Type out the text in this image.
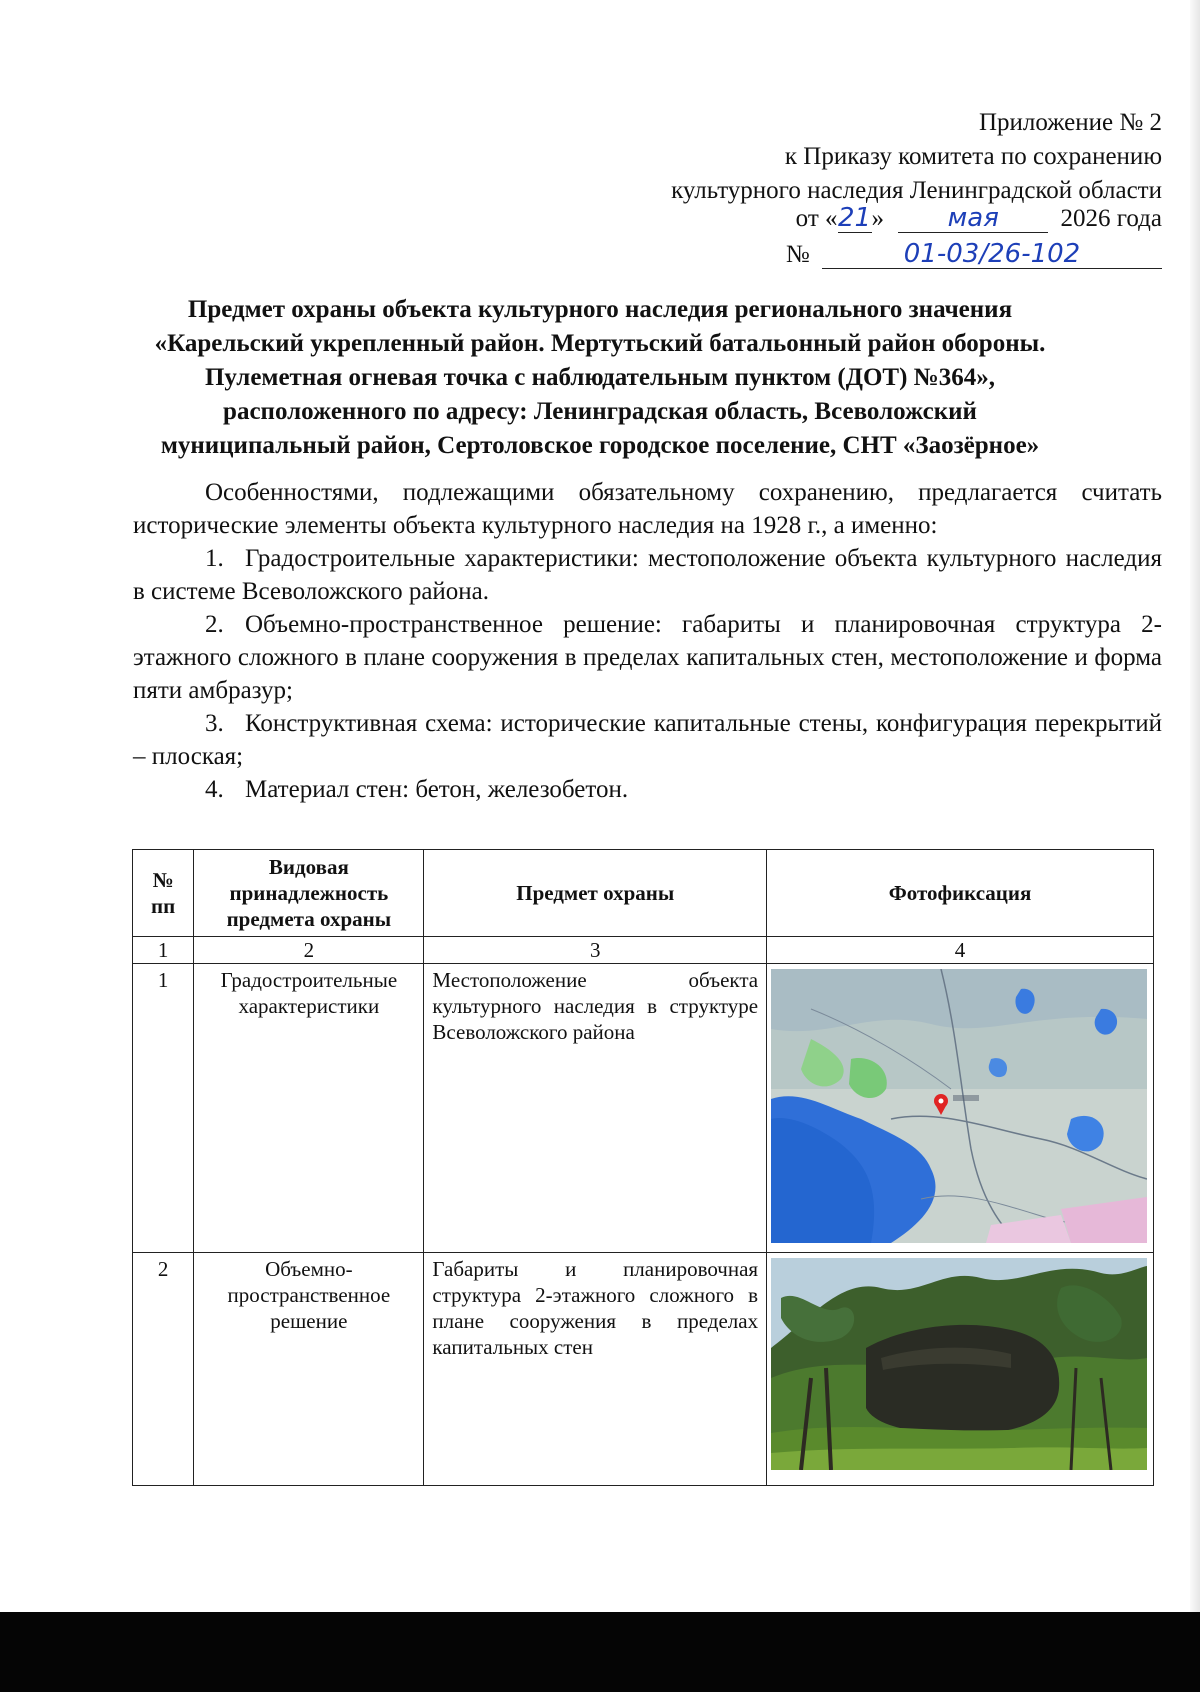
Приложение № 2
к Приказу комитета по сохранению
культурного наследия Ленинградской области
от «21» мая 2026 года
№	01-03/26-102
Предмет охраны объекта культурного наследия регионального значения
«Карельский укрепленный район. Мертутьский батальонный район обороны.
Пулеметная огневая точка с наблюдательным пунктом (ДОТ) №364»,
расположенного по адресу: Ленинградская область, Всеволожский
муниципальный район, Сертоловское городское поселение, СНТ «Заозёрное»

Особенностями, подлежащими обязательному сохранению, предлагается считать исторические элементы объекта культурного наследия на 1928 г., а именно:

1. Градостроительные характеристики: местоположение объекта культурного наследия в системе Всеволожского района.

2. Объемно-пространственное решение: габариты и планировочная структура 2-этажного сложного в плане сооружения в пределах капитальных стен, местоположение и форма пяти амбразур;

3. Конструктивная схема: исторические капитальные стены, конфигурация перекрытий – плоская;

4. Материал стен: бетон, железобетон.

№ пп	Видовая принадлежность предмета охраны	Предмет охраны	Фотофиксация
1	2	3	4
1	Градостроительные характеристики	Местоположение объекта культурного наследия в структуре Всеволожского района	

2	Объемно-пространственное решение	Габариты и планировочная структура 2-этажного сложного в плане сооружения в пределах капитальных стен	
